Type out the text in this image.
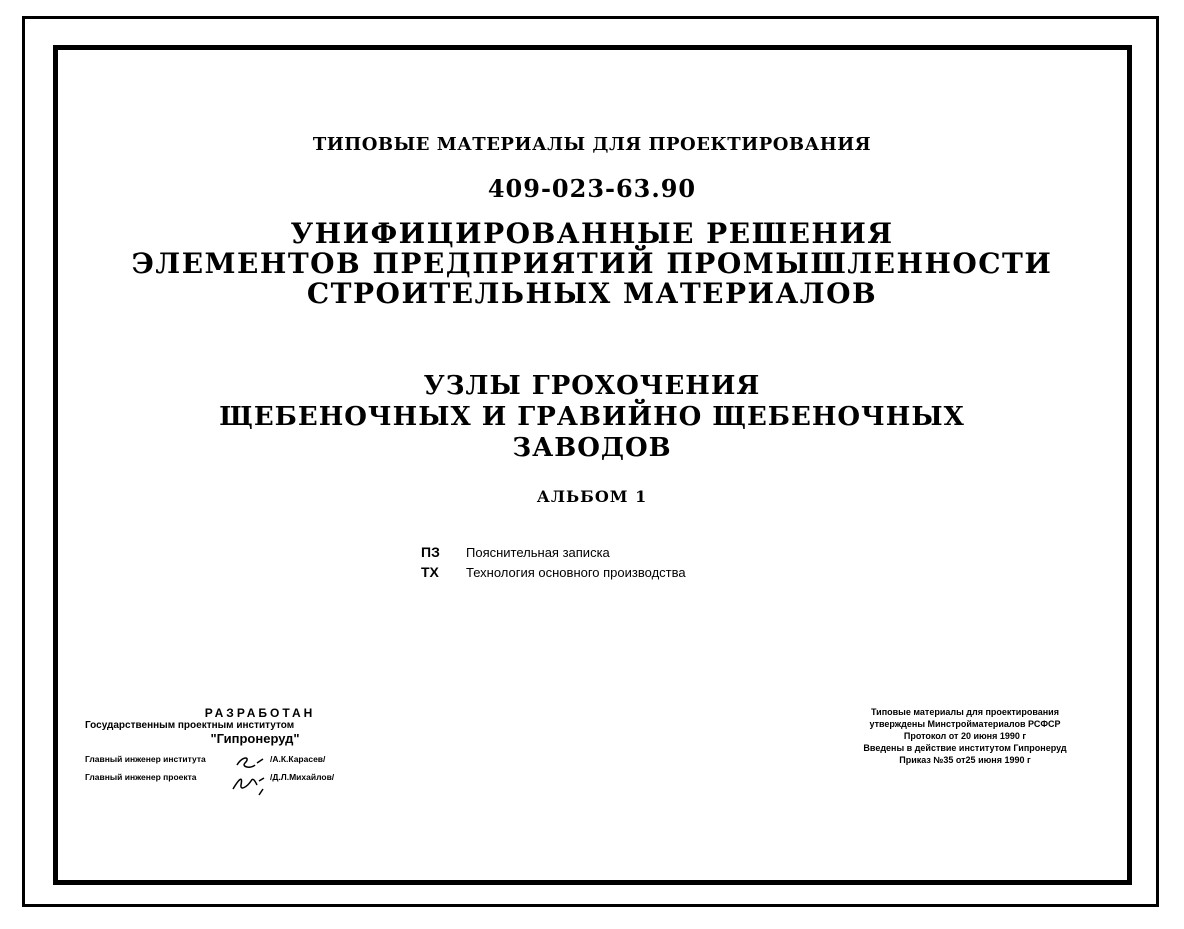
ТИПОВЫЕ МАТЕРИАЛЫ ДЛЯ ПРОЕКТИРОВАНИЯ
409-023-63.90
УНИФИЦИРОВАННЫЕ РЕШЕНИЯ
ЭЛЕМЕНТОВ ПРЕДПРИЯТИЙ ПРОМЫШЛЕННОСТИ
СТРОИТЕЛЬНЫХ МАТЕРИАЛОВ
УЗЛЫ ГРОХОЧЕНИЯ
ЩЕБЕНОЧНЫХ И ГРАВИЙНО ЩЕБЕНОЧНЫХ
ЗАВОДОВ
АЛЬБОМ 1
ПЗ	Пояснительная записка
ТХ	Технология основного производства
РАЗРАБОТАН
Государственным проектным институтом
"Гипронеруд"
Главный инженер института	/А.К.Карасев/
Главный инженер проекта	/Д.Л.Михайлов/
Типовые материалы для проектирования
утверждены Минстройматериалов РСФСР
Протокол от 20 июня 1990 г
Введены в действие институтом Гипронеруд
Приказ №35 от25 июня 1990 г
